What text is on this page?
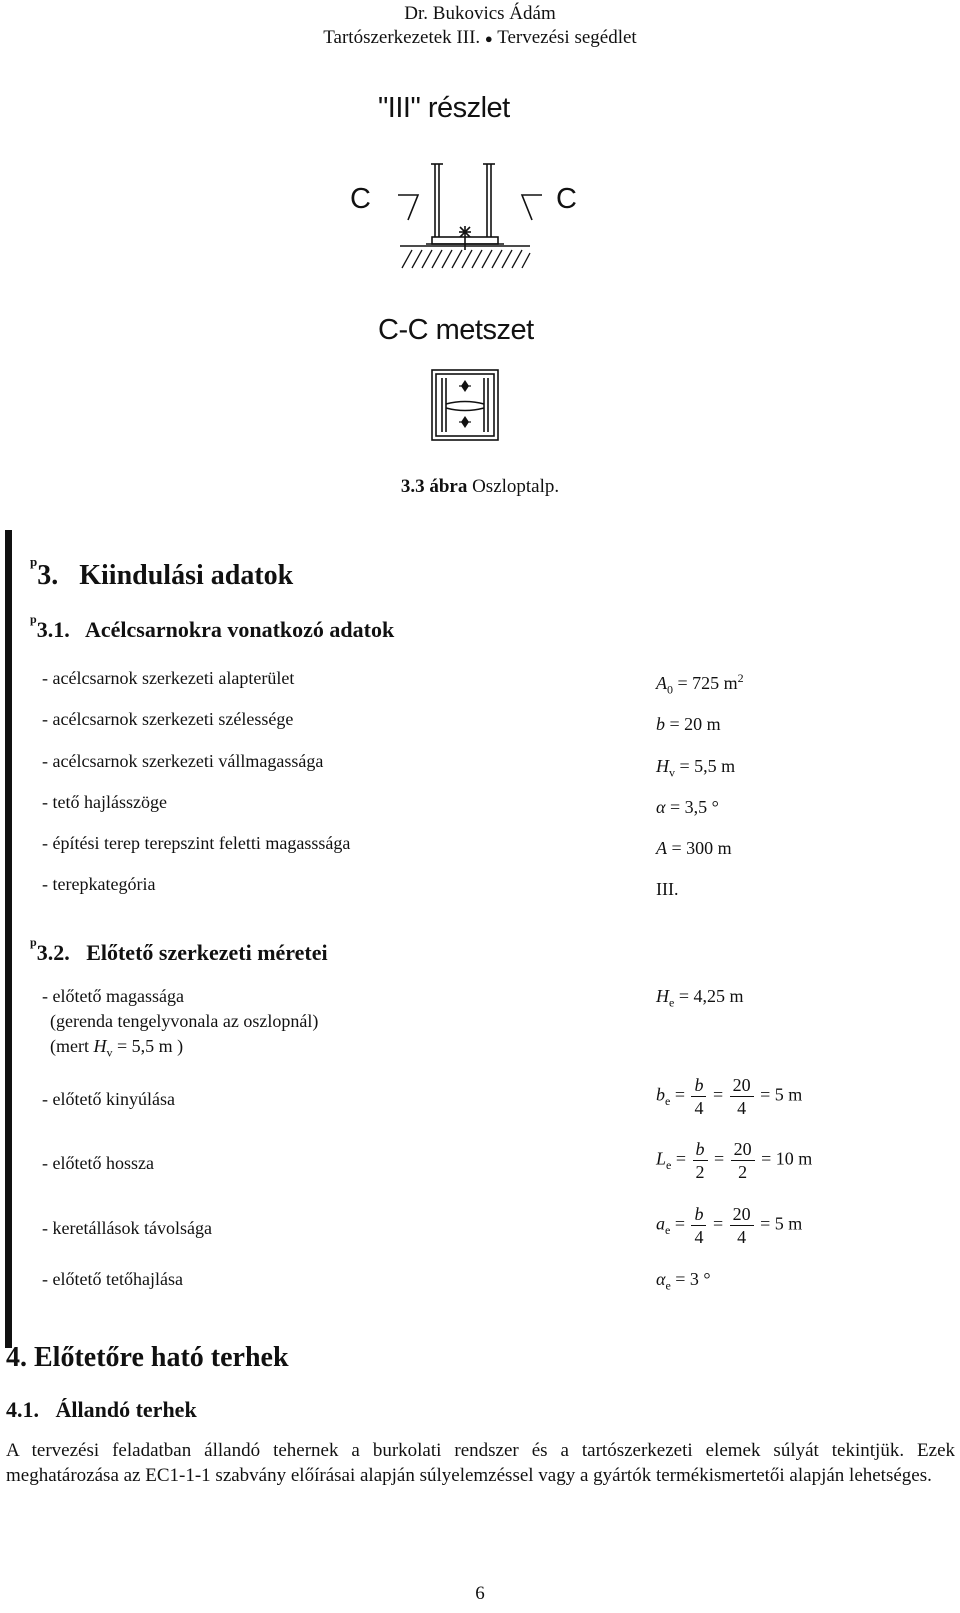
Dr. Bukovics Ádám
Tartószerkezetek III. ● Tervezési segédlet
"III" részlet
C	C
C-C metszet
3.3 ábra Oszloptalp.
$^p$3.   Kiindulási adatok
$^p$3.1.   Acélcsarnokra vonatkozó adatok
- acélcsarnok szerkezeti alapterület	$A_0 = 725$ $m^2$
- acélcsarnok szerkezeti szélessége	b = 20 m
- acélcsarnok szerkezeti vállmagassága	$H_v = 5,5$ m
- tető hajlásszöge	α = 3,5 °
- építési terep terepszint feletti magasssága	A = 300 m
- terepkategória	III.
$^p$3.2.   Előtető szerkezeti méretei
- előtető magassága
(gerenda tengelyvonala az oszlopnál)
(mert $H_v = 5,5$ m )
$H_e = 4,25$ m
- előtető kinyúlása	$b_e = \frac{b}{4} = \frac{20}{4} = 5$ m
- előtető hossza	$L_e = \frac{b}{2} = \frac{20}{2} = 10$ m
- keretállások távolsága	$a_e = \frac{b}{4} = \frac{20}{4} = 5$ m
- előtető tetőhajlása	$\alpha_e = 3$ °
4. Előtetőre ható terhek
4.1.   Állandó terhek
A tervezési feladatban állandó tehernek a burkolati rendszer és a tartószerkezeti elemek súlyát tekintjük. Ezek meghatározása az EC1-1-1 szabvány előírásai alapján súlyelemzéssel vagy a gyártók termékismertetői alapján lehetséges.
6
